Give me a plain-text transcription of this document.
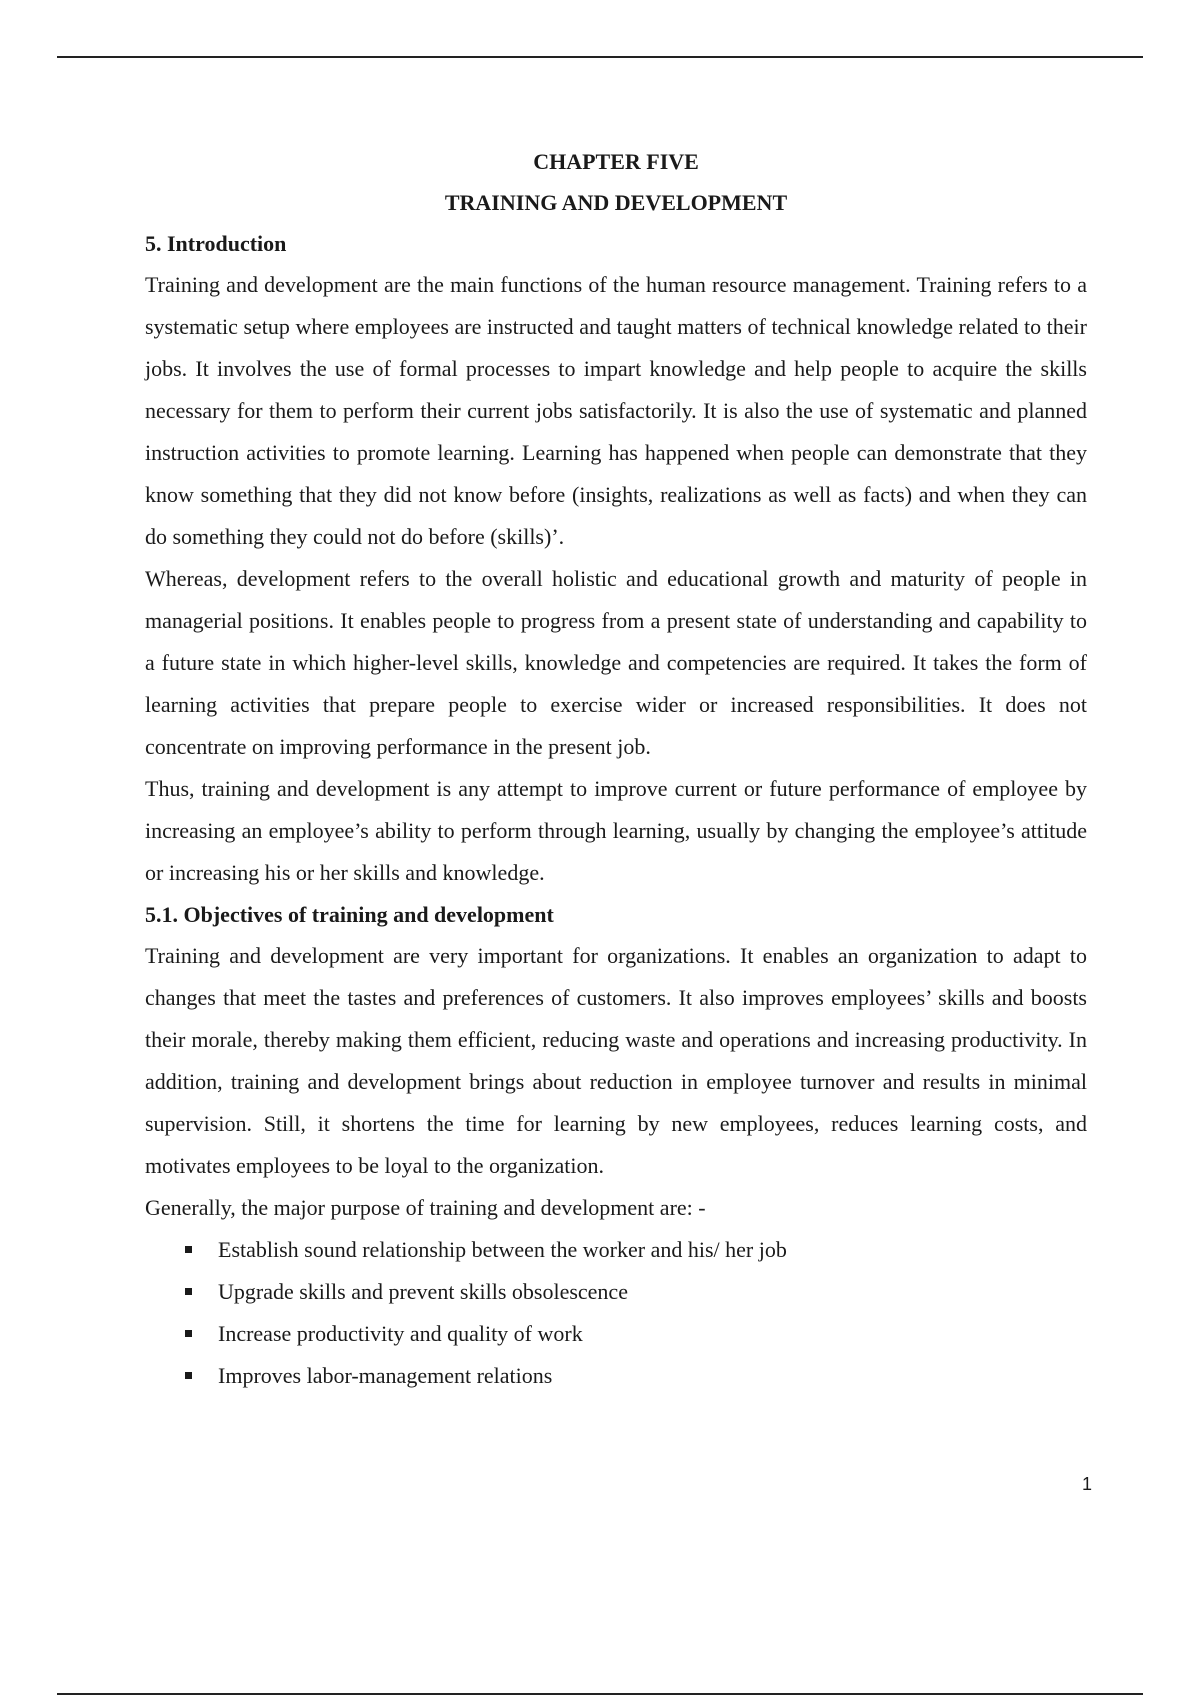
CHAPTER FIVE

TRAINING AND DEVELOPMENT

5. Introduction

Training and development are the main functions of the human resource management. Training refers to a systematic setup where employees are instructed and taught matters of technical knowledge related to their jobs. It involves the use of formal processes to impart knowledge and help people to acquire the skills necessary for them to perform their current jobs satisfactorily. It is also the use of systematic and planned instruction activities to promote learning. Learning has happened when people can demonstrate that they know something that they did not know before (insights, realizations as well as facts) and when they can do something they could not do before (skills)’.

Whereas, development refers to the overall holistic and educational growth and maturity of people in managerial positions. It enables people to progress from a present state of understanding and capability to a future state in which higher-level skills, knowledge and competencies are required. It takes the form of learning activities that prepare people to exercise wider or increased responsibilities. It does not concentrate on improving performance in the present job.

Thus, training and development is any attempt to improve current or future performance of employee by increasing an employee’s ability to perform through learning, usually by changing the employee’s attitude or increasing his or her skills and knowledge.

5.1. Objectives of training and development

Training and development are very important for organizations. It enables an organization to adapt to changes that meet the tastes and preferences of customers. It also improves employees’ skills and boosts their morale, thereby making them efficient, reducing waste and operations and increasing productivity. In addition, training and development brings about reduction in employee turnover and results in minimal supervision. Still, it shortens the time for learning by new employees, reduces learning costs, and motivates employees to be loyal to the organization.

Generally, the major purpose of training and development are: -

Establish sound relationship between the worker and his/ her job
Upgrade skills and prevent skills obsolescence
Increase productivity and quality of work
Improves labor-management relations
1
